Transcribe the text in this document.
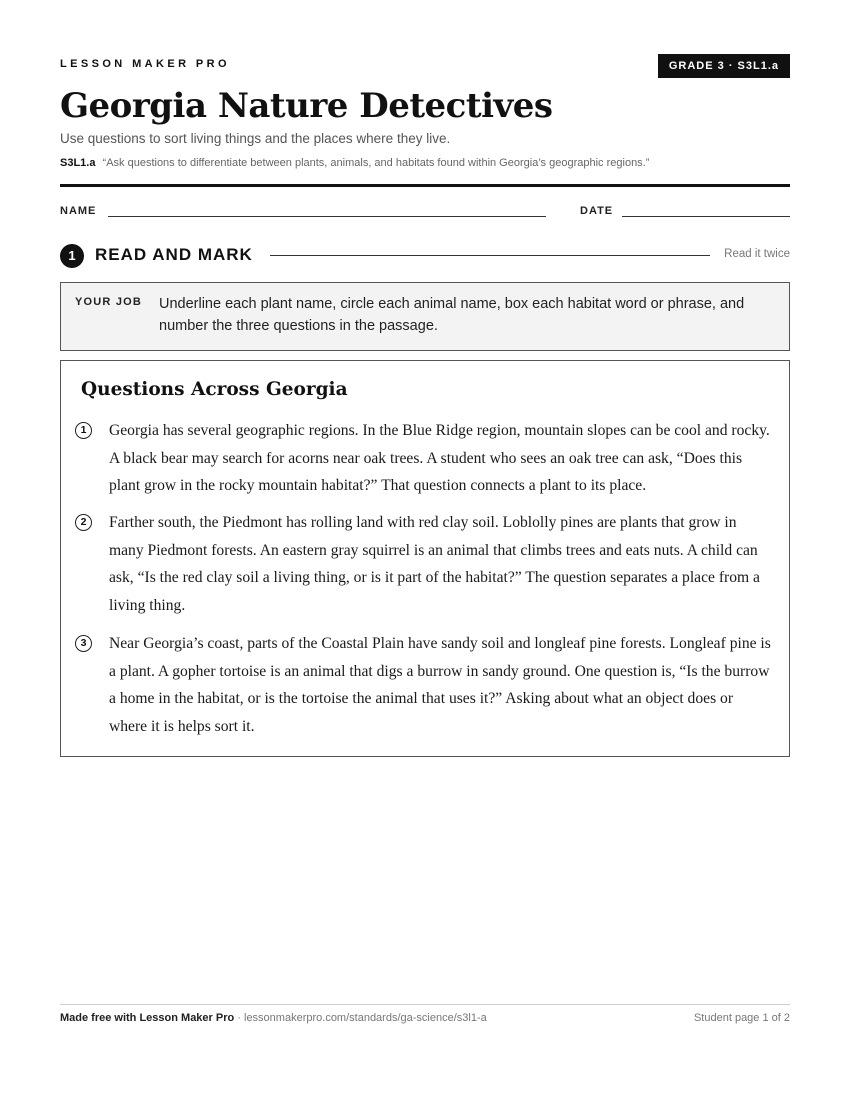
LESSON MAKER PRO	GRADE 3 · S3L1.a
Georgia Nature Detectives
Use questions to sort living things and the places where they live.
S3L1.a “Ask questions to differentiate between plants, animals, and habitats found within Georgia’s geographic regions.”
NAME	DATE
1	READ AND MARK	Read it twice
YOUR JOB Underline each plant name, circle each animal name, box each habitat word or phrase, and number the three questions in the passage.
Questions Across Georgia
1	Georgia has several geographic regions. In the Blue Ridge region, mountain slopes can be cool and rocky. A black bear may search for acorns near oak trees. A student who sees an oak tree can ask, “Does this plant grow in the rocky mountain habitat?” That question connects a plant to its place.
2	Farther south, the Piedmont has rolling land with red clay soil. Loblolly pines are plants that grow in many Piedmont forests. An eastern gray squirrel is an animal that climbs trees and eats nuts. A child can ask, “Is the red clay soil a living thing, or is it part of the habitat?” The question separates a place from a living thing.
3	Near Georgia’s coast, parts of the Coastal Plain have sandy soil and longleaf pine forests. Longleaf pine is a plant. A gopher tortoise is an animal that digs a burrow in sandy ground. One question is, “Is the burrow a home in the habitat, or is the tortoise the animal that uses it?” Asking about what an object does or where it is helps sort it.
Made free with Lesson Maker Pro · lessonmakerpro.com/standards/ga-science/s3l1-a	Student page 1 of 2
